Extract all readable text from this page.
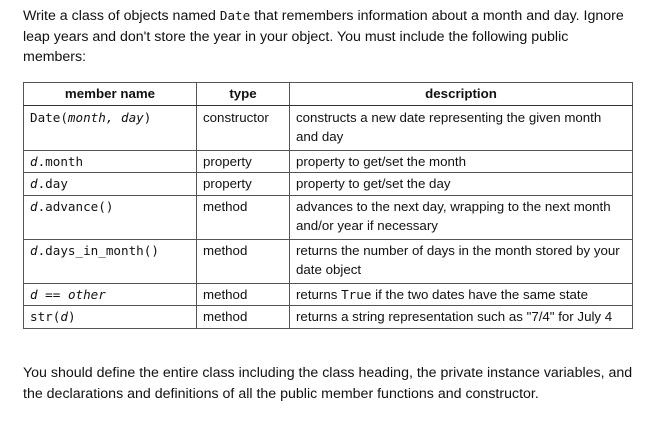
Write a class of objects named Date that remembers information about a month and day. Ignore leap years and don't store the year in your object. You must include the following public members:

member name	type	description
Date(month, day)	constructor	constructs a new date representing the given month and day
d.month	property	property to get/set the month
d.day	property	property to get/set the day
d.advance()	method	advances to the next day, wrapping to the next month and/or year if necessary
d.days_in_month()	method	returns the number of days in the month stored by your date object
d == other	method	returns True if the two dates have the same state
str(d)	method	returns a string representation such as "7/4" for July 4

You should define the entire class including the class heading, the private instance variables, and the declarations and definitions of all the public member functions and constructor.
